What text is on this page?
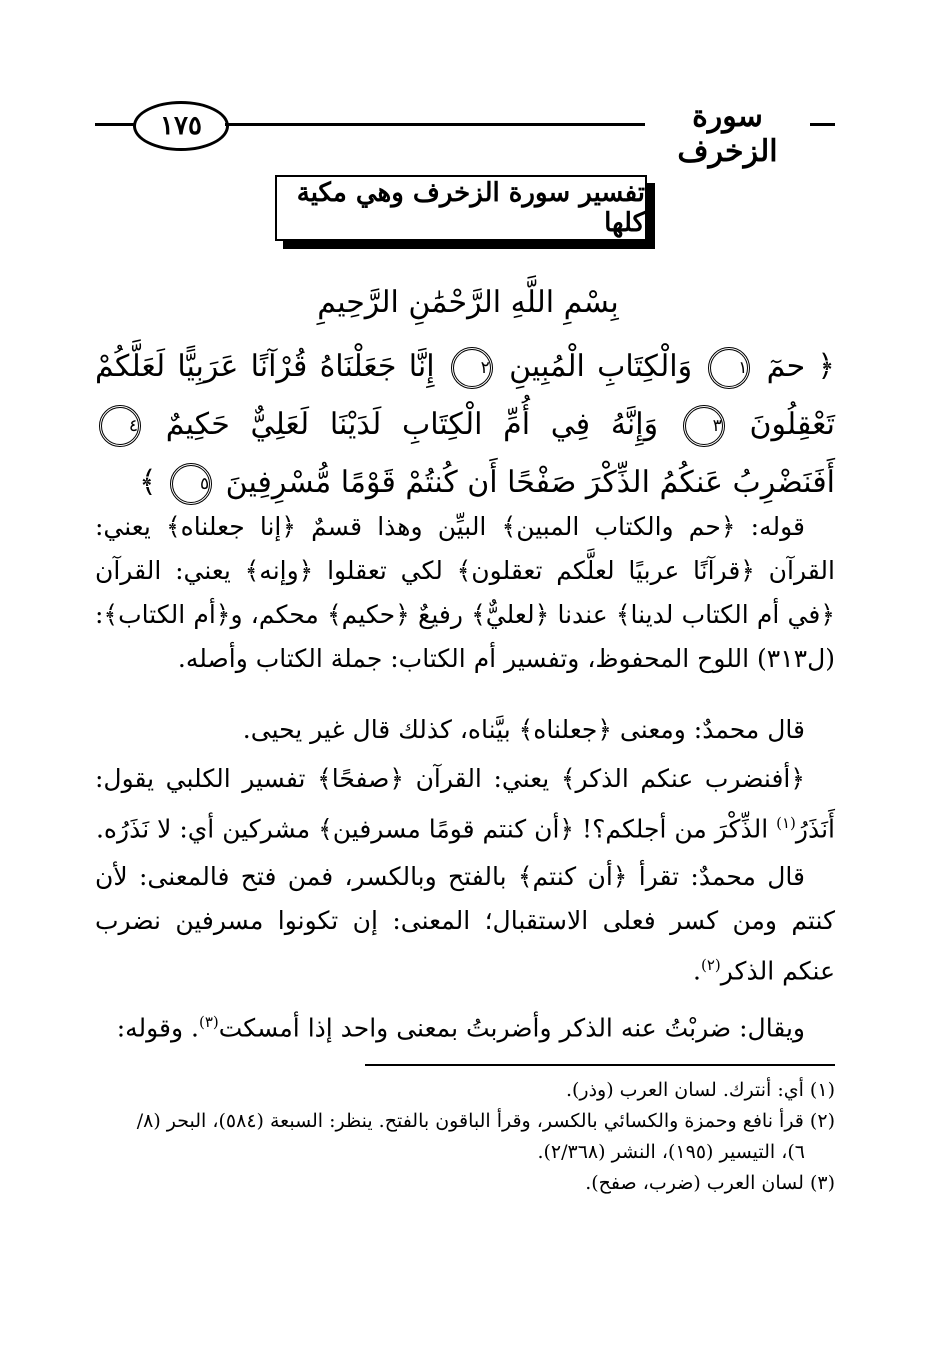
١٧٥	سورة الزخرف
تفسير سورة الزخرف وهي مكية كلها
بِسْمِ اللَّهِ الرَّحْمَٰنِ الرَّحِيمِ
﴿ حمٓ ١ وَالْكِتَابِ الْمُبِينِ ٢ إِنَّا جَعَلْنَاهُ قُرْآنًا عَرَبِيًّا لَعَلَّكُمْ تَعْقِلُونَ ٣ وَإِنَّهُ فِي أُمِّ الْكِتَابِ لَدَيْنَا لَعَلِيٌّ حَكِيمٌ ٤ أَفَنَضْرِبُ عَنكُمُ الذِّكْرَ صَفْحًا أَن كُنتُمْ قَوْمًا مُّسْرِفِينَ ٥ ﴾

قوله: ﴿حم والكتاب المبين﴾ البيِّن وهذا قسمٌ ﴿إنا جعلناه﴾ يعني: القرآن ﴿قرآنًا عربيًا لعلَّكم تعقلون﴾ لكي تعقلوا ﴿وإنه﴾ يعني: القرآن ﴿في أم الكتاب لدينا﴾ عندنا ﴿لعليٌّ﴾ رفيعٌ ﴿حكيم﴾ محكم، و﴿أم الكتاب﴾: (ل٣١٣) اللوح المحفوظ، وتفسير أم الكتاب: جملة الكتاب وأصله.

قال محمدٌ: ومعنى ﴿جعلناه﴾ بيَّناه، كذلك قال غير يحيى.

﴿أفنضرب عنكم الذكر﴾ يعني: القرآن ﴿صفحًا﴾ تفسير الكلبي يقول: أَنَذَرُ$^{(١)}$ الذِّكْرَ من أجلكم؟! ﴿أن كنتم قومًا مسرفين﴾ مشركين أي: لا نَذَرُه.

قال محمدٌ: تقرأ ﴿أن كنتم﴾ بالفتح وبالكسر، فمن فتح فالمعنى: لأن كنتم ومن كسر فعلى الاستقبال؛ المعنى: إن تكونوا مسرفين نضرب عنكم الذكر$^{(٢)}$.

ويقال: ضربْتُ عنه الذكر وأضربتُ بمعنى واحد إذا أمسكت$^{(٣)}$. وقوله:

(١) أي: أنترك. لسان العرب (وذر).

(٢) قرأ نافع وحمزة والكسائي بالكسر، وقرأ الباقون بالفتح. ينظر: السبعة (٥٨٤)، البحر (٨/

٦)، التيسير (١٩٥)، النشر (٢/٣٦٨).

(٣) لسان العرب (ضرب، صفح).
